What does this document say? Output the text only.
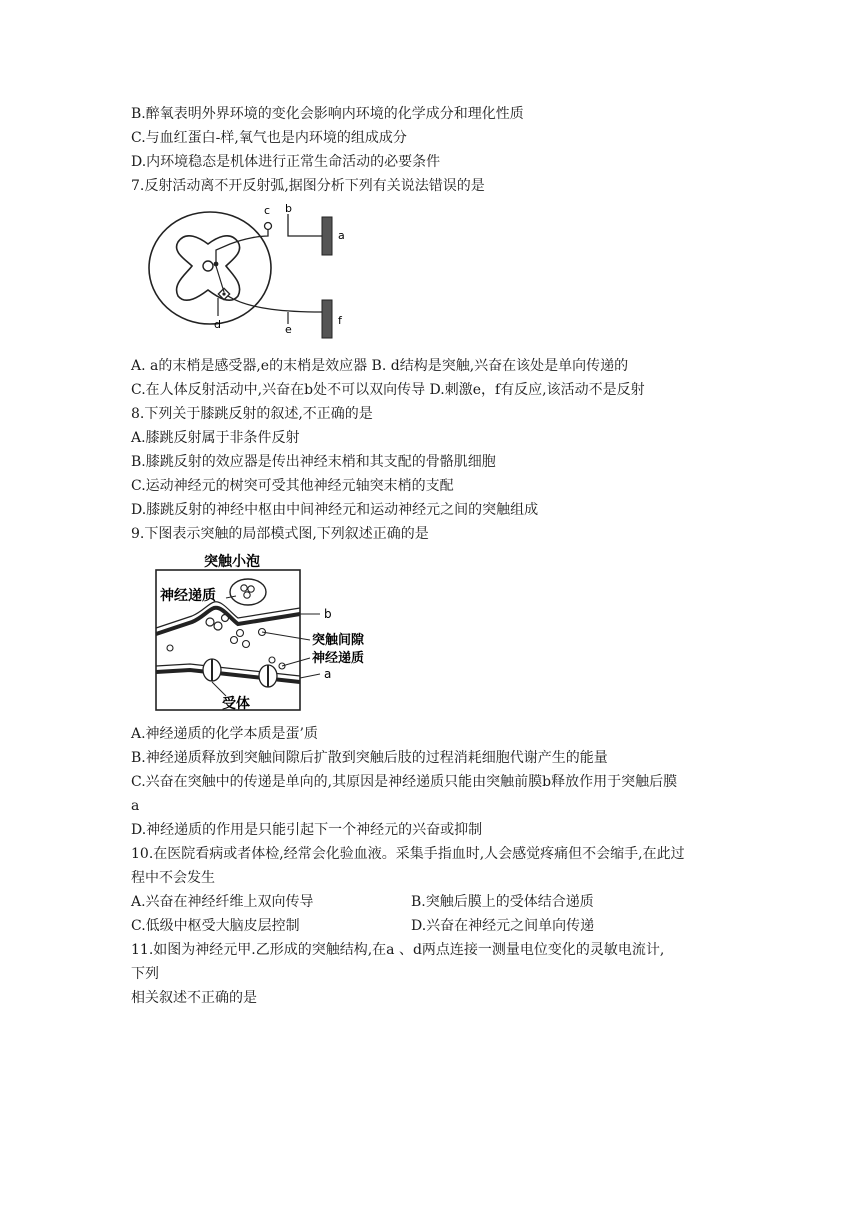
B.醉氧表明外界环境的变化会影响内环境的化学成分和理化性质
C.与血红蛋白-样,氧气也是内环境的组成成分
D.内环境稳态是机体进行正常生命活动的必要条件
7.反射活动离不开反射弧,据图分析下列有关说法错误的是
c b
a
d	e
f
A. a的末梢是感受器,e的末梢是效应器 B. d结构是突触,兴奋在该处是单向传递的
C.在人体反射活动中,兴奋在b处不可以双向传导 D.刺激e，f有反应,该活动不是反射
8.下列关于膝跳反射的叙述,不正确的是
A.膝跳反射属于非条件反射
B.膝跳反射的效应器是传出神经末梢和其支配的骨骼肌细胞
C.运动神经元的树突可受其他神经元轴突末梢的支配
D.膝跳反射的神经中枢由中间神经元和运动神经元之间的突触组成
9.下图表示突触的局部模式图,下列叙述正确的是
突触小泡
神经递质
b
突触间隙
神经递质
a
受体
A.神经递质的化学本质是蛋’质
B.神经递质释放到突触间隙后扩散到突触后肢的过程消耗细胞代谢产生的能量
C.兴奋在突触中的传递是单向的,其原因是神经递质只能由突触前膜b释放作用于突触后膜
a
D.神经递质的作用是只能引起下一个神经元的兴奋或抑制
10.在医院看病或者体检,经常会化验血液。采集手指血时,人会感觉疼痛但不会缩手,在此过
程中不会发生
A.兴奋在神经纤维上双向传导	B.突触后膜上的受体结合递质
C.低级中枢受大脑皮层控制	D.兴奋在神经元之间单向传递
11.如图为神经元甲.乙形成的突触结构,在a 、d两点连接一测量电位变化的灵敏电流计,
下列
相关叙述不正确的是
